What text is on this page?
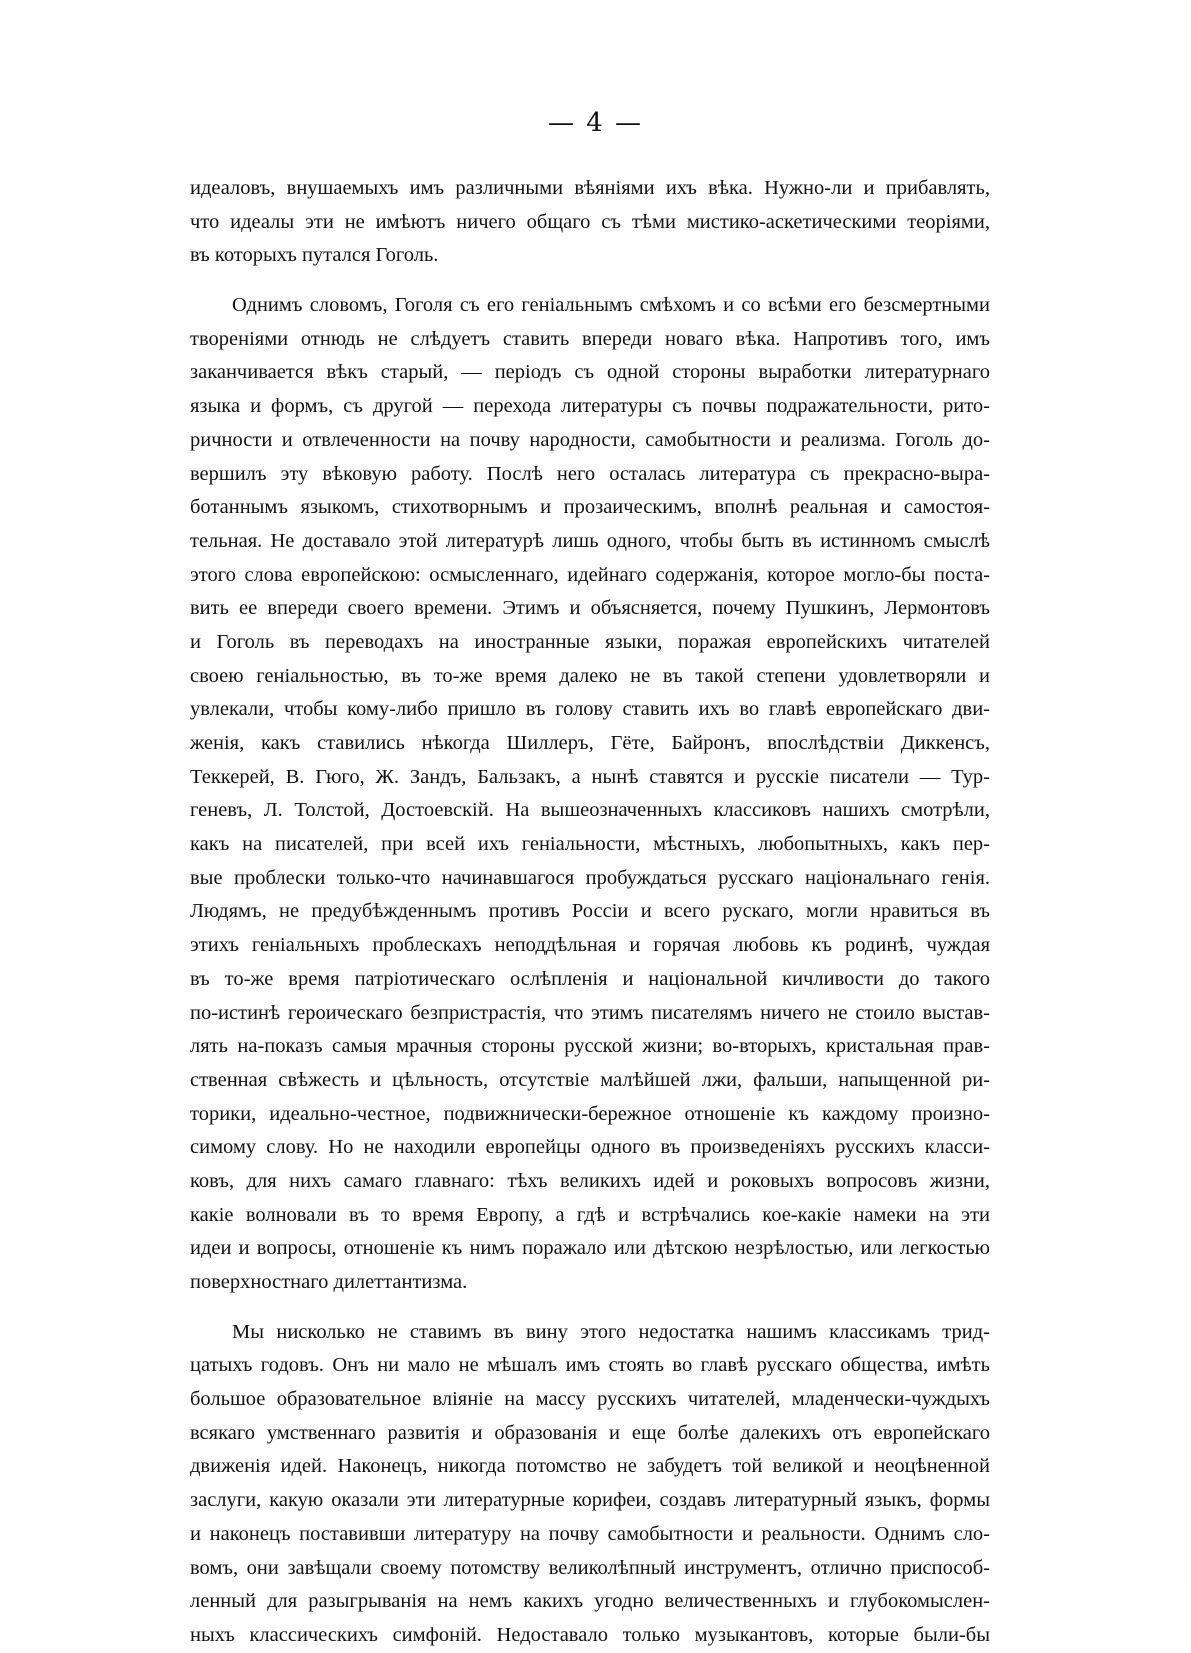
— 4 —

идеаловъ, внушаемыхъ имъ различными вѣяніями ихъ вѣка. Нужно-ли и прибавлять,
что идеалы эти не имѣютъ ничего общаго съ тѣми мистико-аскетическими теоріями,
въ которыхъ путался Гоголь.
Однимъ словомъ, Гоголя съ его геніальнымъ смѣхомъ и со всѣми его безсмертными
твореніями отнюдь не слѣдуетъ ставить впереди новаго вѣка. Напротивъ того, имъ
заканчивается вѣкъ старый, — періодъ съ одной стороны выработки литературнаго
языка и формъ, съ другой — перехода литературы съ почвы подражательности, рито-
ричности и отвлеченности на почву народности, самобытности и реализма. Гоголь до-
вершилъ эту вѣковую работу. Послѣ него осталась литература съ прекрасно-выра-
ботаннымъ языкомъ, стихотворнымъ и прозаическимъ, вполнѣ реальная и самостоя-
тельная. Не доставало этой литературѣ лишь одного, чтобы быть въ истинномъ смыслѣ
этого слова европейскою: осмысленнаго, идейнаго содержанія, которое могло-бы поста-
вить ее впереди своего времени. Этимъ и объясняется, почему Пушкинъ, Лермонтовъ
и Гоголь въ переводахъ на иностранные языки, поражая европейскихъ читателей
своею геніальностью, въ то-же время далеко не въ такой степени удовлетворяли и
увлекали, чтобы кому-либо пришло въ голову ставить ихъ во главѣ европейскаго дви-
женія, какъ ставились нѣкогда Шиллеръ, Гёте, Байронъ, впослѣдствіи Диккенсъ,
Теккерей, В. Гюго, Ж. Зандъ, Бальзакъ, а нынѣ ставятся и русскіе писатели — Тур-
геневъ, Л. Толстой, Достоевскій. На вышеозначенныхъ классиковъ нашихъ смотрѣли,
какъ на писателей, при всей ихъ геніальности, мѣстныхъ, любопытныхъ, какъ пер-
вые проблески только-что начинавшагося пробуждаться русскаго національнаго генія.
Людямъ, не предубѣжденнымъ противъ Россіи и всего рускаго, могли нравиться въ
этихъ геніальныхъ проблескахъ неподдѣльная и горячая любовь къ родинѣ, чуждая
въ то-же время патріотическаго ослѣпленія и національной кичливости до такого
по-истинѣ героическаго безпристрастія, что этимъ писателямъ ничего не стоило выстав-
лять на-показъ самыя мрачныя стороны русской жизни; во-вторыхъ, кристальная прав-
ственная свѣжесть и цѣльность, отсутствіе малѣйшей лжи, фальши, напыщенной ри-
торики, идеально-честное, подвижнически-бережное отношеніе къ каждому произно-
симому слову. Но не находили европейцы одного въ произведеніяхъ русскихъ класси-
ковъ, для нихъ самаго главнаго: тѣхъ великихъ идей и роковыхъ вопросовъ жизни,
какіе волновали въ то время Европу, а гдѣ и встрѣчались кое-какіе намеки на эти
идеи и вопросы, отношеніе къ нимъ поражало или дѣтскою незрѣлостью, или легкостью
поверхностнаго дилеттантизма.
Мы нисколько не ставимъ въ вину этого недостатка нашимъ классикамъ трид-
цатыхъ годовъ. Онъ ни мало не мѣшалъ имъ стоять во главѣ русскаго общества, имѣть
большое образовательное вліяніе на массу русскихъ читателей, младенчески-чуждыхъ
всякаго умственнаго развитія и образованія и еще болѣе далекихъ отъ европейскаго
движенія идей. Наконецъ, никогда потомство не забудетъ той великой и неоцѣненной
заслуги, какую оказали эти литературные корифеи, создавъ литературный языкъ, формы
и наконецъ поставивши литературу на почву самобытности и реальности. Однимъ сло-
вомъ, они завѣщали своему потомству великолѣпный инструментъ, отлично приспособ-
ленный для разыгрыванія на немъ какихъ угодно величественныхъ и глубокомыслен-
ныхъ классическихъ симфоній. Недоставало только музыкантовъ, которые были-бы
